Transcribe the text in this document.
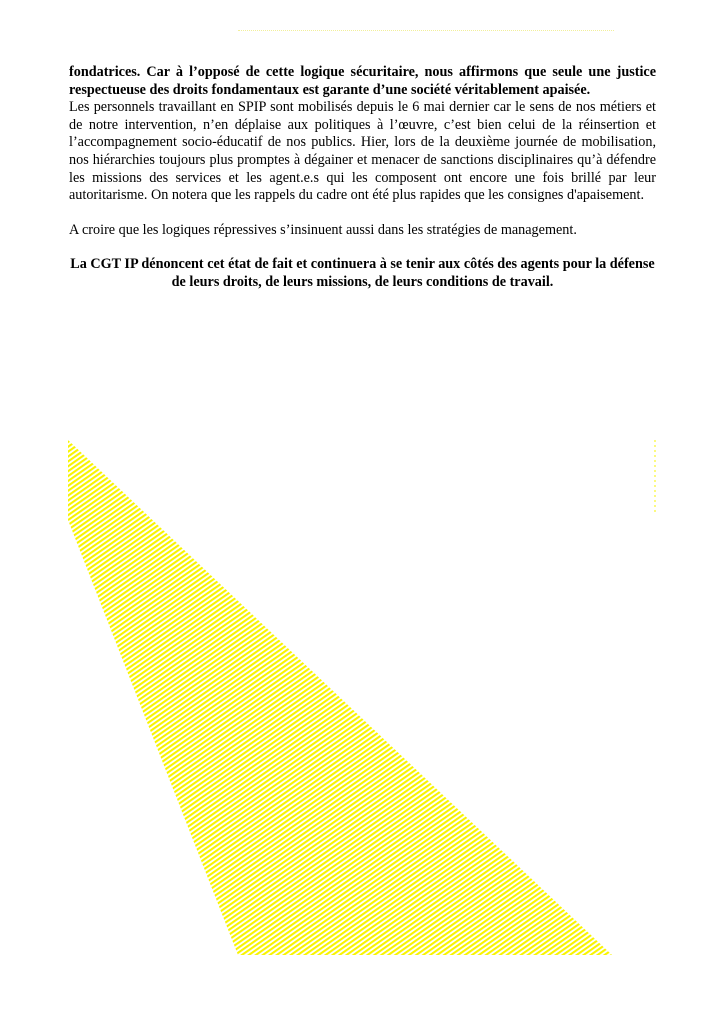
fondatrices. Car à l’opposé de cette logique sécuritaire, nous affirmons que seule une justice respectueuse des droits fondamentaux est garante d’une société véritablement apaisée.

Les personnels travaillant en SPIP sont mobilisés depuis le 6 mai dernier car le sens de nos métiers et de notre intervention, n’en déplaise aux politiques à l’œuvre, c’est bien celui de la réinsertion et l’accompagnement socio-éducatif de nos publics. Hier, lors de la deuxième journée de mobilisation, nos hiérarchies toujours plus promptes à dégainer et menacer de sanctions disciplinaires qu’à défendre les missions des services et les agent.e.s qui les composent ont encore une fois brillé par leur autoritarisme. On notera que les rappels du cadre ont été plus rapides que les consignes d'apaisement.

A croire que les logiques répressives s’insinuent aussi dans les stratégies de management.

La CGT IP dénoncent cet état de fait et continuera à se tenir aux côtés des agents pour la défense de leurs droits, de leurs missions, de leurs conditions de travail.
